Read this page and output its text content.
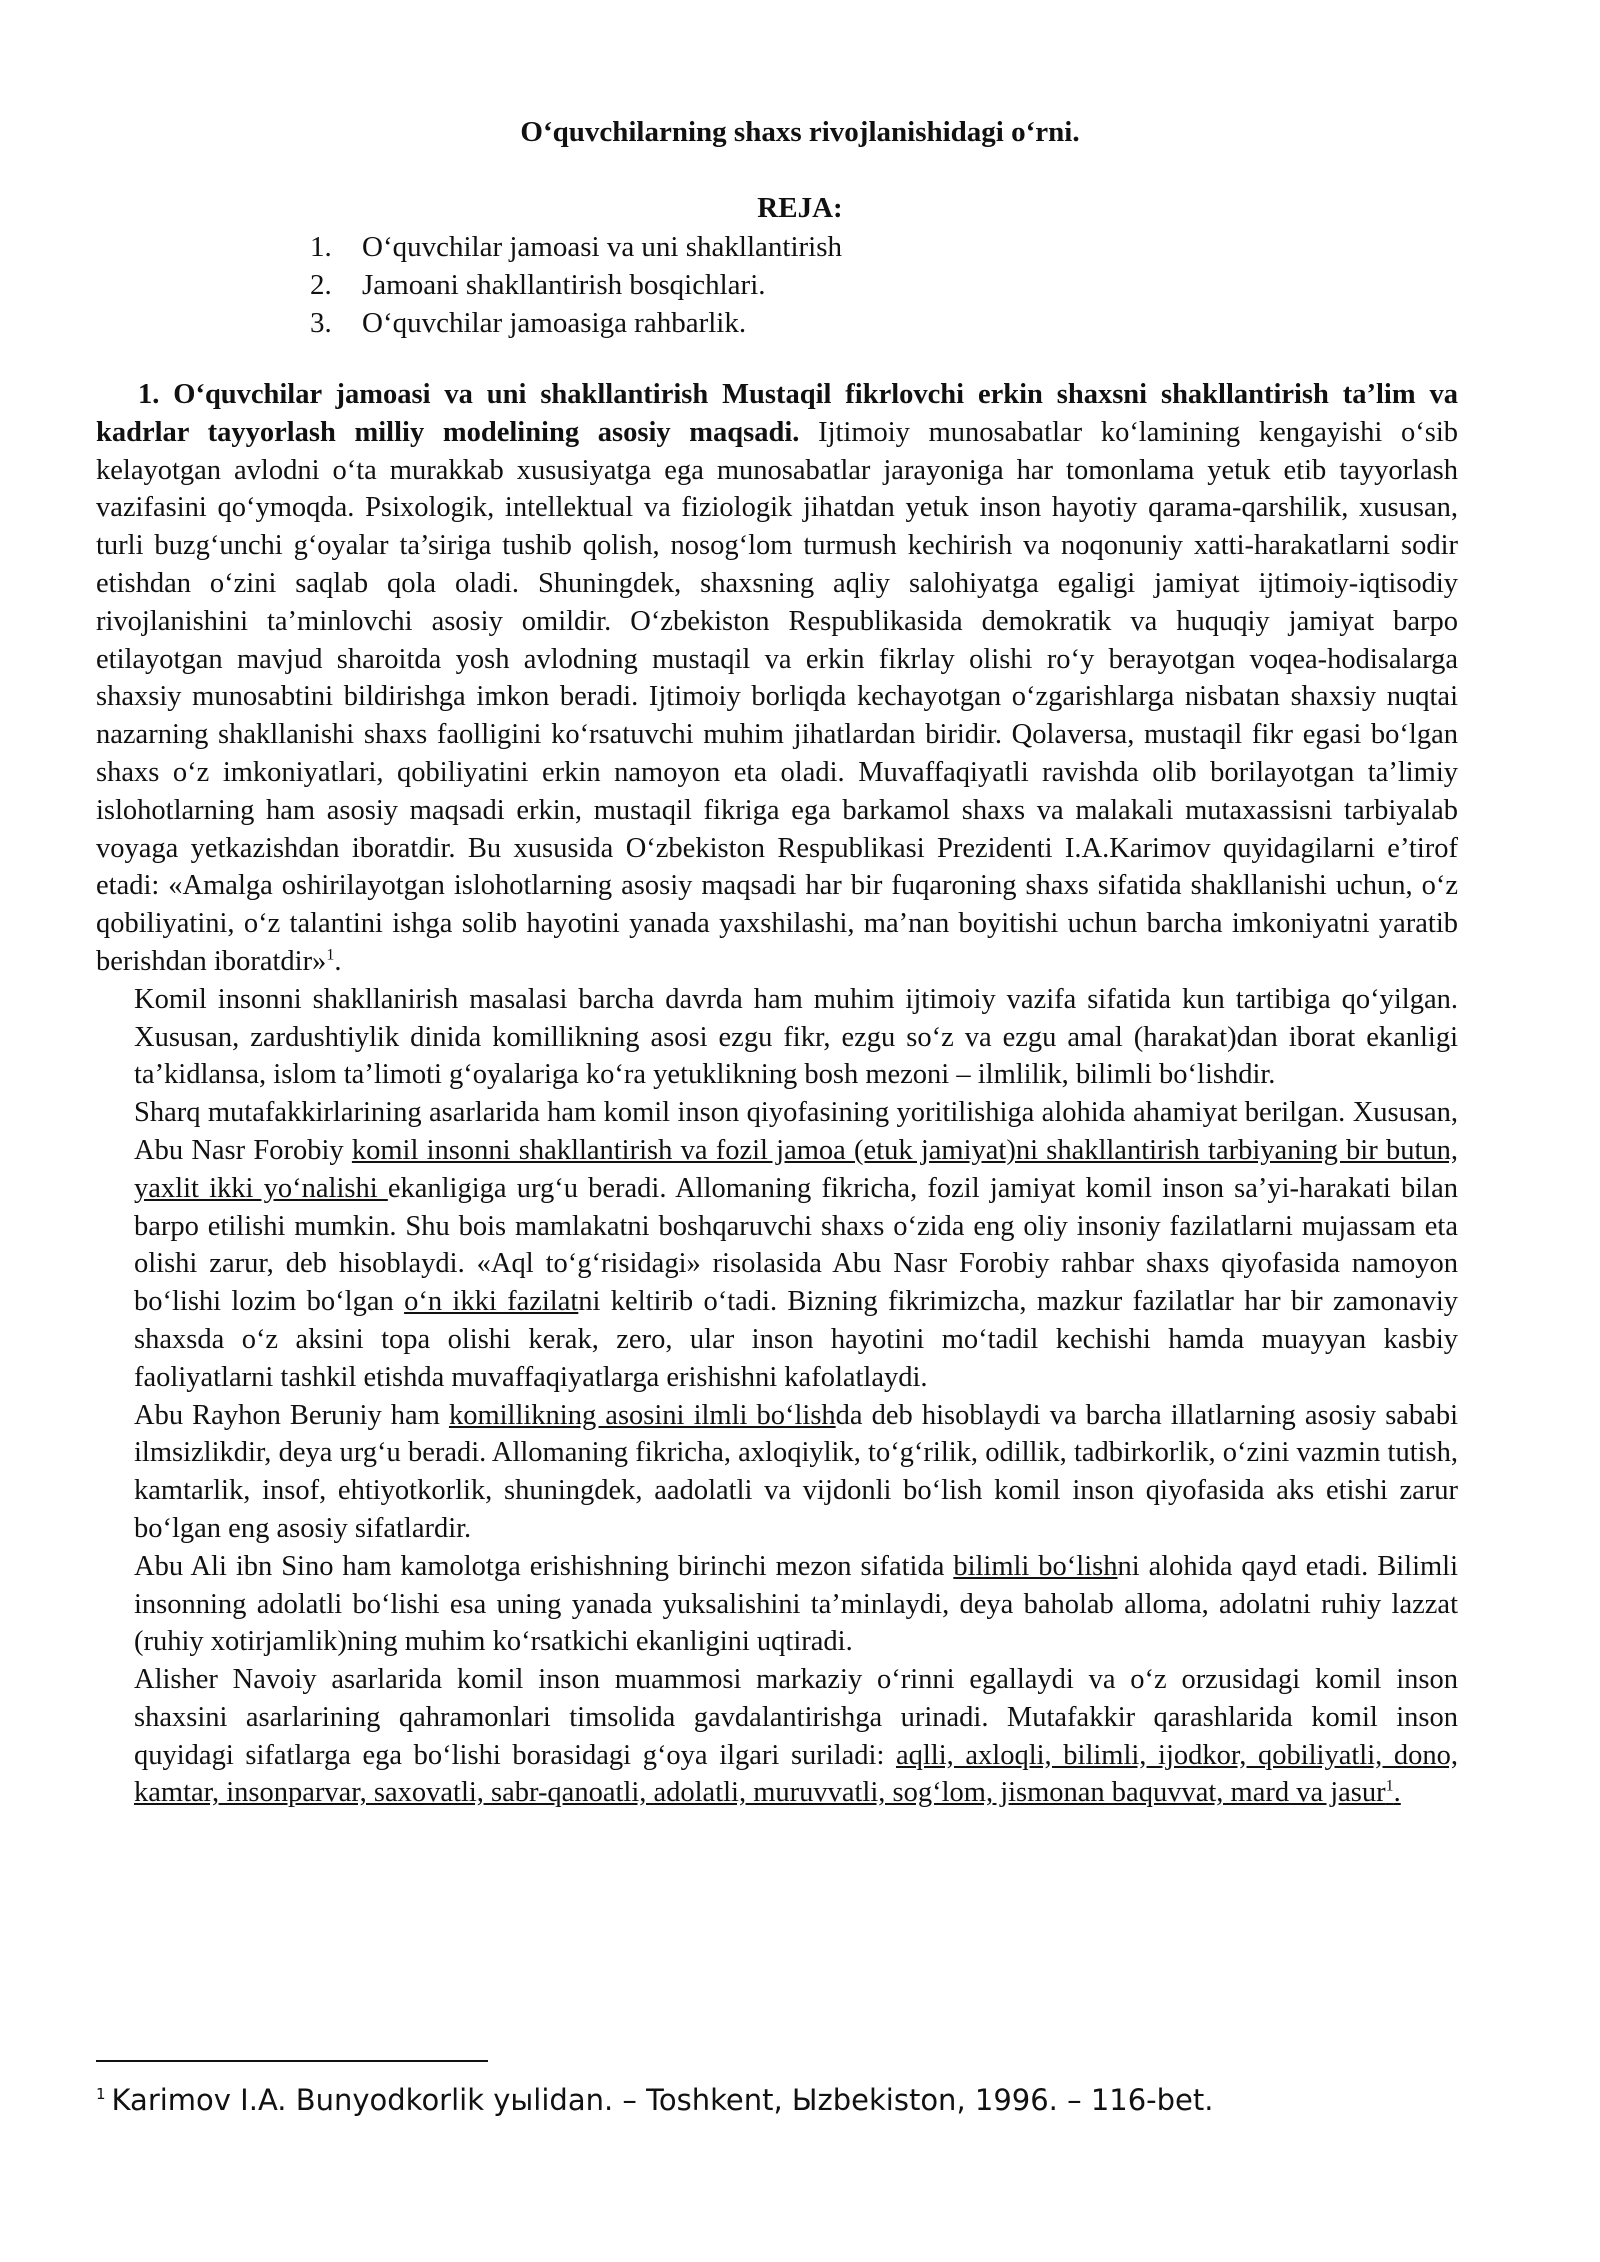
O‘quvchilarning shaxs rivojlanishidagi o‘rni.
REJA:
1.	O‘quvchilar jamoasi va uni shakllantirish
2.	Jamoani shakllantirish bosqichlari.
3.	O‘quvchilar jamoasiga rahbarlik.

1. O‘quvchilar jamoasi va uni shakllantirish Mustaqil fikrlovchi erkin shaxsni shakllantirish ta’lim va kadrlar tayyorlash milliy modelining asosiy maqsadi. Ijtimoiy munosabatlar ko‘lamining kengayishi o‘sib kelayotgan avlodni o‘ta murakkab xususiyatga ega munosabatlar jarayoniga har tomonlama yetuk etib tayyorlash vazifasini qo‘ymoqda. Psixologik, intellektual va fiziologik jihatdan yetuk inson hayotiy qarama-qarshilik, xususan, turli buzg‘unchi g‘oyalar ta’siriga tushib qolish, nosog‘lom turmush kechirish va noqonuniy xatti-harakatlarni sodir etishdan o‘zini saqlab qola oladi. Shuningdek, shaxsning aqliy salohiyatga egaligi jamiyat ijtimoiy-iqtisodiy rivojlanishini ta’minlovchi asosiy omildir. O‘zbekiston Respublikasida demokratik va huquqiy jamiyat barpo etilayotgan mavjud sharoitda yosh avlodning mustaqil va erkin fikrlay olishi ro‘y berayotgan voqea-hodisalarga shaxsiy munosabtini bildirishga imkon beradi. Ijtimoiy borliqda kechayotgan o‘zgarishlarga nisbatan shaxsiy nuqtai nazarning shakllanishi shaxs faolligini ko‘rsatuvchi muhim jihatlardan biridir. Qolaversa, mustaqil fikr egasi bo‘lgan shaxs o‘z imkoniyatlari, qobiliyatini erkin namoyon eta oladi. Muvaffaqiyatli ravishda olib borilayotgan ta’limiy islohotlarning ham asosiy maqsadi erkin, mustaqil fikriga ega barkamol shaxs va malakali mutaxassisni tarbiyalab voyaga yetkazishdan iboratdir. Bu xususida O‘zbekiston Respublikasi Prezidenti I.A.Karimov quyidagilarni e’tirof etadi: «Amalga oshirilayotgan islohotlarning asosiy maqsadi har bir fuqaroning shaxs sifatida shakllanishi uchun, o‘z qobiliyatini, o‘z talantini ishga solib hayotini yanada yaxshilashi, ma’nan boyitishi uchun barcha imkoniyatni yaratib berishdan iboratdir»$^1$.

Komil insonni shakllanirish masalasi barcha davrda ham muhim ijtimoiy vazifa sifatida kun tartibiga qo‘yilgan. Xususan, zardushtiylik dinida komillikning asosi ezgu fikr, ezgu so‘z va ezgu amal (harakat)dan iborat ekanligi ta’kidlansa, islom ta’limoti g‘oyalariga ko‘ra yetuklikning bosh mezoni – ilmlilik, bilimli bo‘lishdir.

Sharq mutafakkirlarining asarlarida ham komil inson qiyofasining yoritilishiga alohida ahamiyat berilgan. Xususan, Abu Nasr Forobiy komil insonni shakllantirish va fozil jamoa (etuk jamiyat)ni shakllantirish tarbiyaning bir butun, yaxlit ikki yo‘nalishi ekanligiga urg‘u beradi. Allomaning fikricha, fozil jamiyat komil inson sa’yi-harakati bilan barpo etilishi mumkin. Shu bois mamlakatni boshqaruvchi shaxs o‘zida eng oliy insoniy fazilatlarni mujassam eta olishi zarur, deb hisoblaydi. «Aql to‘g‘risidagi» risolasida Abu Nasr Forobiy rahbar shaxs qiyofasida namoyon bo‘lishi lozim bo‘lgan o‘n ikki fazilatni keltirib o‘tadi. Bizning fikrimizcha, mazkur fazilatlar har bir zamonaviy shaxsda o‘z aksini topa olishi kerak, zero, ular inson hayotini mo‘tadil kechishi hamda muayyan kasbiy faoliyatlarni tashkil etishda muvaffaqiyatlarga erishishni kafolatlaydi.

Abu Rayhon Beruniy ham komillikning asosini ilmli bo‘lishda deb hisoblaydi va barcha illatlarning asosiy sababi ilmsizlikdir, deya urg‘u beradi. Allomaning fikricha, axloqiylik, to‘g‘rilik, odillik, tadbirkorlik, o‘zini vazmin tutish, kamtarlik, insof, ehtiyotkorlik, shuningdek, aadolatli va vijdonli bo‘lish komil inson qiyofasida aks etishi zarur bo‘lgan eng asosiy sifatlardir.

Abu Ali ibn Sino ham kamolotga erishishning birinchi mezon sifatida bilimli bo‘lishni alohida qayd etadi. Bilimli insonning adolatli bo‘lishi esa uning yanada yuksalishini ta’minlaydi, deya baholab alloma, adolatni ruhiy lazzat (ruhiy xotirjamlik)ning muhim ko‘rsatkichi ekanligini uqtiradi.

Alisher Navoiy asarlarida komil inson muammosi markaziy o‘rinni egallaydi va o‘z orzusidagi komil inson shaxsini asarlarining qahramonlari timsolida gavdalantirishga urinadi. Mutafakkir qarashlarida komil inson quyidagi sifatlarga ega bo‘lishi borasidagi g‘oya ilgari suriladi: aqlli, axloqli, bilimli, ijodkor, qobiliyatli, dono, kamtar, insonparvar, saxovatli, sabr-qanoatli, adolatli, muruvvatli, sog‘lom, jismonan baquvvat, mard va jasur$^1$.

$^1$ Karimov I.A. Bunyodkorlik уыlidan. – Toshkent, Ыzbekiston, 1996. – 116-bet.
